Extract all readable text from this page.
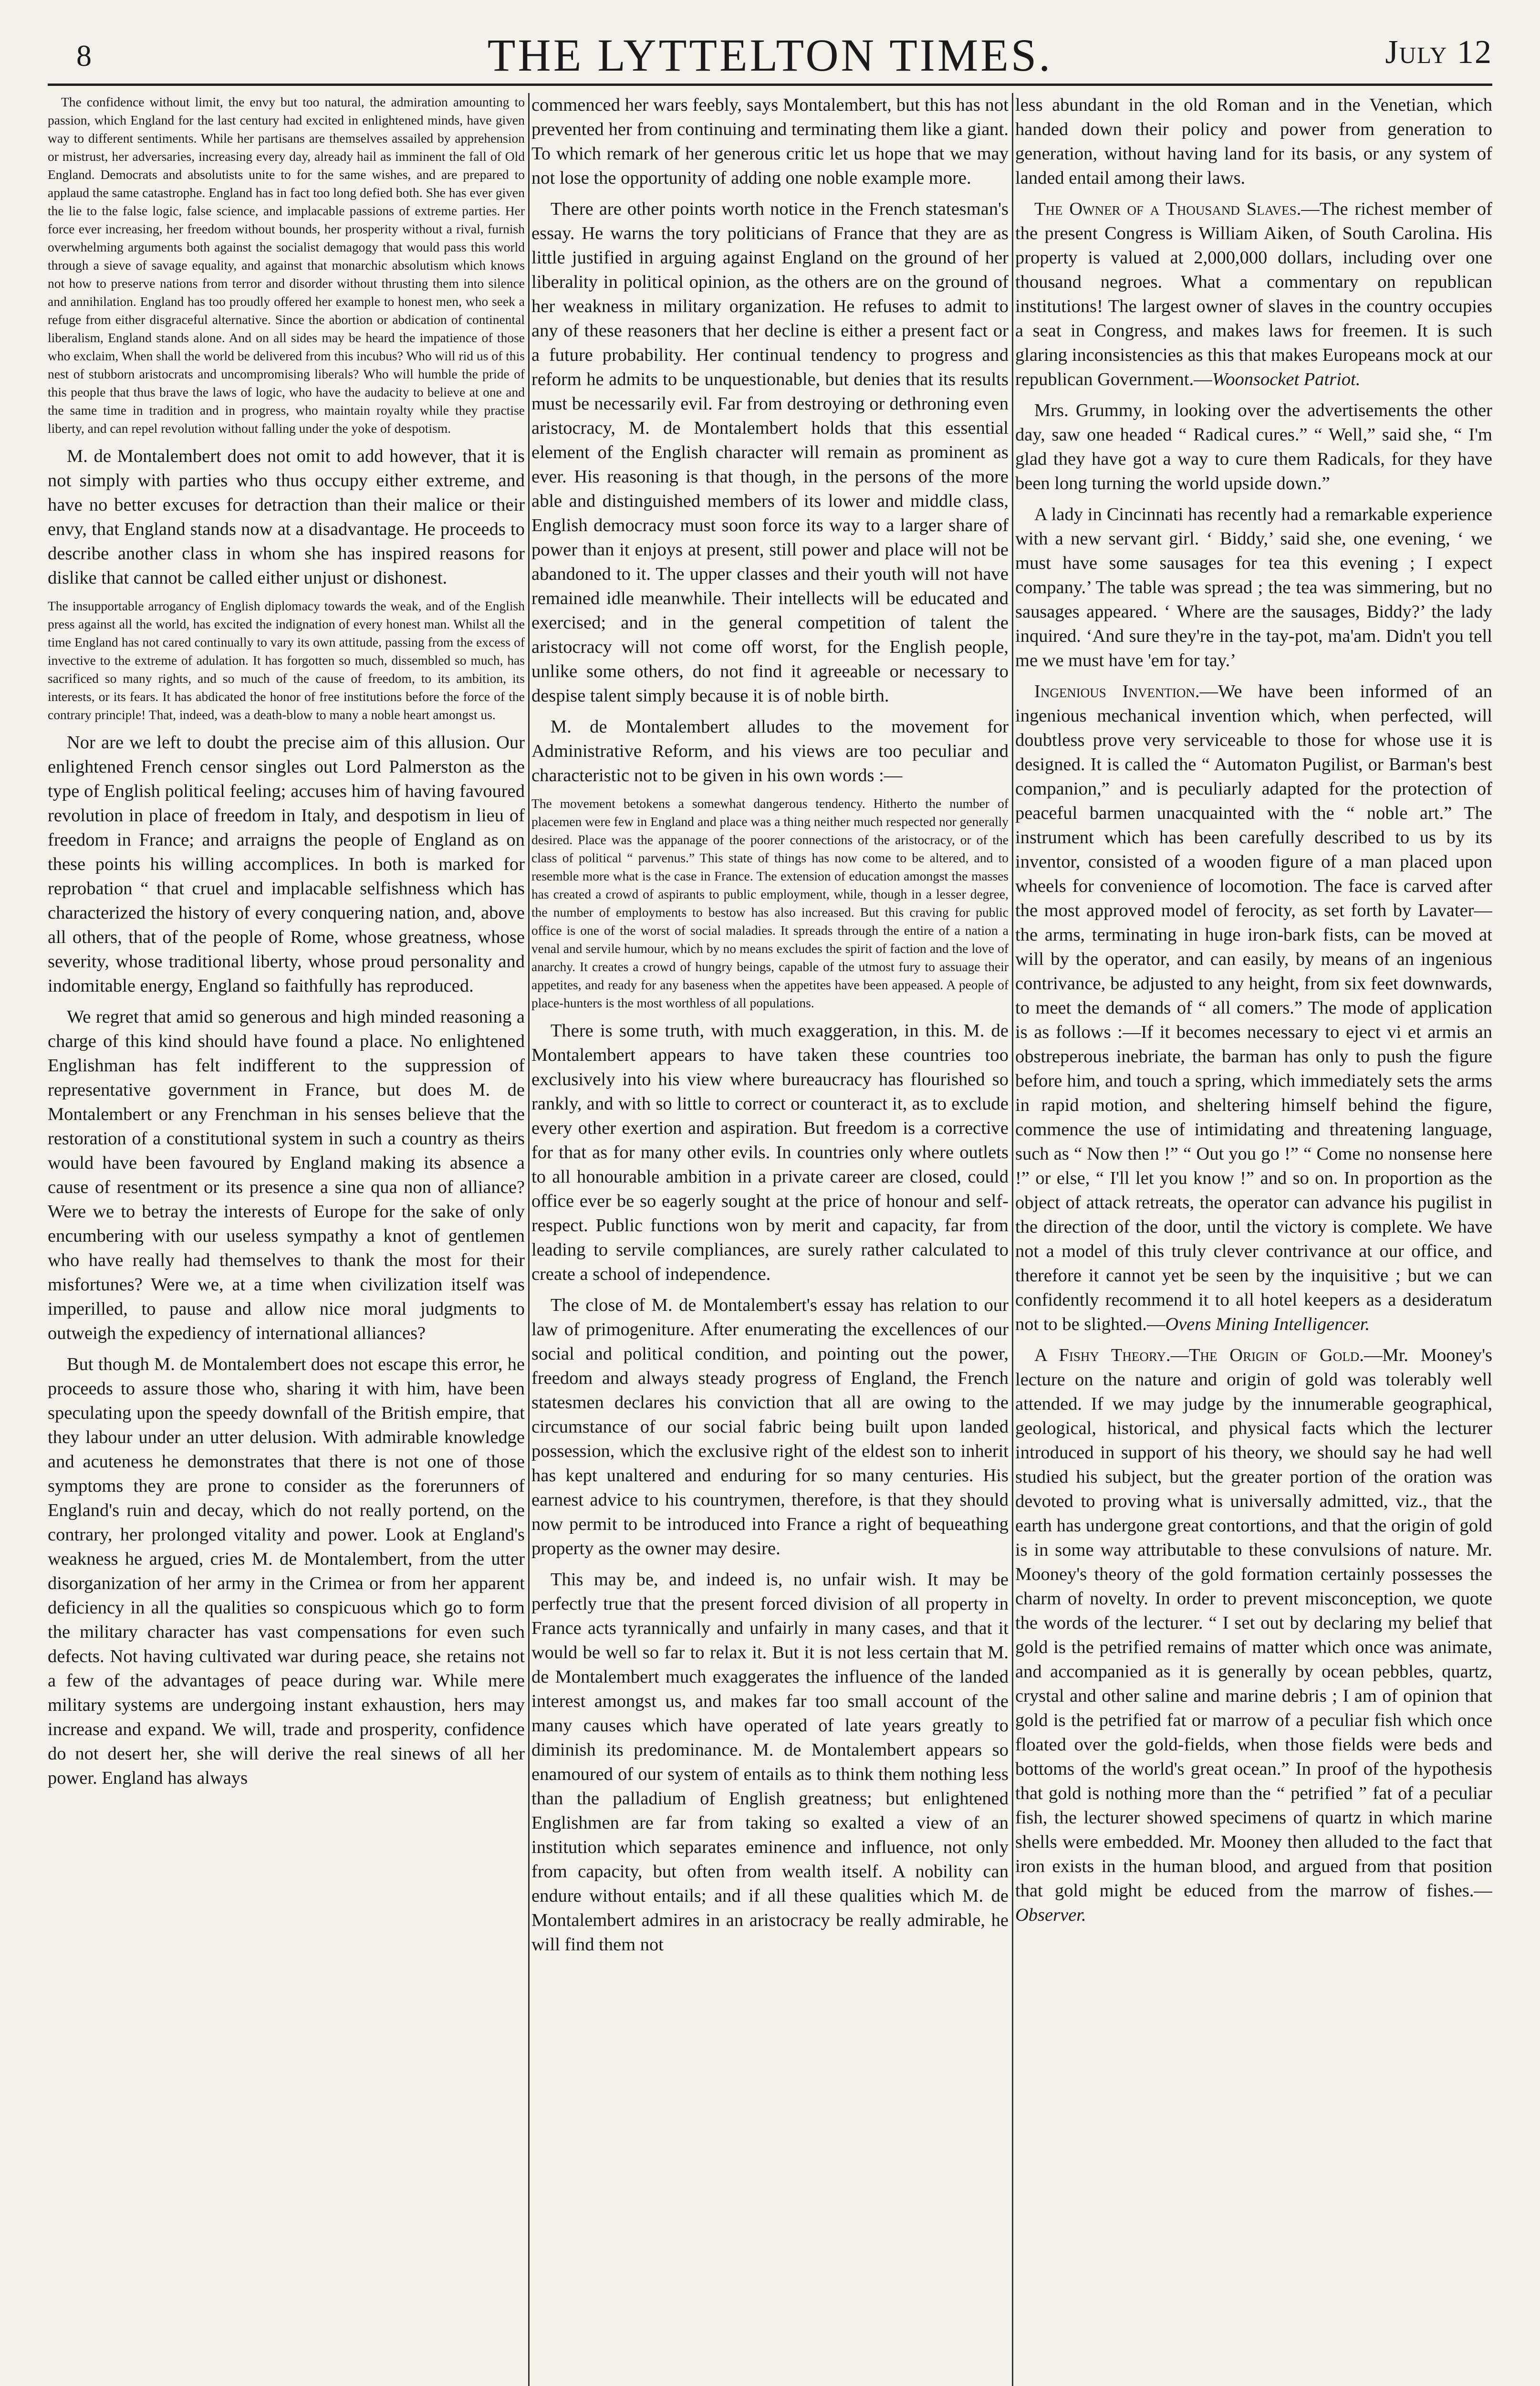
8	THE LYTTELTON TIMES.	July 12

The confidence without limit, the envy but too natural, the admiration amounting to passion, which England for the last century had excited in enlightened minds, have given way to different sentiments. While her partisans are themselves assailed by apprehension or mistrust, her adversaries, increasing every day, already hail as imminent the fall of Old England. Democrats and absolutists unite to for the same wishes, and are prepared to applaud the same catastrophe. England has in fact too long defied both. She has ever given the lie to the false logic, false science, and implacable passions of extreme parties. Her force ever increasing, her freedom without bounds, her prosperity without a rival, furnish overwhelming arguments both against the socialist demagogy that would pass this world through a sieve of savage equality, and against that monarchic absolutism which knows not how to preserve nations from terror and disorder without thrusting them into silence and annihilation. England has too proudly offered her example to honest men, who seek a refuge from either disgraceful alternative. Since the abortion or abdication of continental liberalism, England stands alone. And on all sides may be heard the impatience of those who exclaim, When shall the world be delivered from this incubus? Who will rid us of this nest of stubborn aristocrats and uncompromising liberals? Who will humble the pride of this people that thus brave the laws of logic, who have the audacity to believe at one and the same time in tradition and in progress, who maintain royalty while they practise liberty, and can repel revolution without falling under the yoke of despotism.

M. de Montalembert does not omit to add however, that it is not simply with parties who thus occupy either extreme, and have no better excuses for detraction than their malice or their envy, that England stands now at a disadvantage. He proceeds to describe another class in whom she has inspired reasons for dislike that cannot be called either unjust or dishonest.

The insupportable arrogancy of English diplomacy towards the weak, and of the English press against all the world, has excited the indignation of every honest man. Whilst all the time England has not cared continually to vary its own attitude, passing from the excess of invective to the extreme of adulation. It has forgotten so much, dissembled so much, has sacrificed so many rights, and so much of the cause of freedom, to its ambition, its interests, or its fears. It has abdicated the honor of free institutions before the force of the contrary principle! That, indeed, was a death-blow to many a noble heart amongst us.

Nor are we left to doubt the precise aim of this allusion. Our enlightened French censor singles out Lord Palmerston as the type of English political feeling; accuses him of having favoured revolution in place of freedom in Italy, and despotism in lieu of freedom in France; and arraigns the people of England as on these points his willing accomplices. In both is marked for reprobation “ that cruel and implacable selfishness which has characterized the history of every conquering nation, and, above all others, that of the people of Rome, whose greatness, whose severity, whose traditional liberty, whose proud personality and indomitable energy, England so faithfully has reproduced.

We regret that amid so generous and high minded reasoning a charge of this kind should have found a place. No enlightened Englishman has felt indifferent to the suppression of representative government in France, but does M. de Montalembert or any Frenchman in his senses believe that the restoration of a constitutional system in such a country as theirs would have been favoured by England making its absence a cause of resentment or its presence a sine qua non of alliance? Were we to betray the interests of Europe for the sake of only encumbering with our useless sympathy a knot of gentlemen who have really had themselves to thank the most for their misfortunes? Were we, at a time when civilization itself was imperilled, to pause and allow nice moral judgments to outweigh the expediency of international alliances?

But though M. de Montalembert does not escape this error, he proceeds to assure those who, sharing it with him, have been speculating upon the speedy downfall of the British empire, that they labour under an utter delusion. With admirable knowledge and acuteness he demonstrates that there is not one of those symptoms they are prone to consider as the forerunners of England's ruin and decay, which do not really portend, on the contrary, her prolonged vitality and power. Look at England's weakness he argued, cries M. de Montalembert, from the utter disorganization of her army in the Crimea or from her apparent deficiency in all the qualities so conspicuous which go to form the military character has vast compensations for even such defects. Not having cultivated war during peace, she retains not a few of the advantages of peace during war. While mere military systems are undergoing instant exhaustion, hers may increase and expand. We will, trade and prosperity, confidence do not desert her, she will derive the real sinews of all her power. England has always

commenced her wars feebly, says Montalembert, but this has not prevented her from continuing and terminating them like a giant. To which remark of her generous critic let us hope that we may not lose the opportunity of adding one noble example more.

There are other points worth notice in the French statesman's essay. He warns the tory politicians of France that they are as little justified in arguing against England on the ground of her liberality in political opinion, as the others are on the ground of her weakness in military organization. He refuses to admit to any of these reasoners that her decline is either a present fact or a future probability. Her continual tendency to progress and reform he admits to be unquestionable, but denies that its results must be necessarily evil. Far from destroying or dethroning even aristocracy, M. de Montalembert holds that this essential element of the English character will remain as prominent as ever. His reasoning is that though, in the persons of the more able and distinguished members of its lower and middle class, English democracy must soon force its way to a larger share of power than it enjoys at present, still power and place will not be abandoned to it. The upper classes and their youth will not have remained idle meanwhile. Their intellects will be educated and exercised; and in the general competition of talent the aristocracy will not come off worst, for the English people, unlike some others, do not find it agreeable or necessary to despise talent simply because it is of noble birth.

M. de Montalembert alludes to the movement for Administrative Reform, and his views are too peculiar and characteristic not to be given in his own words :—

The movement betokens a somewhat dangerous tendency. Hitherto the number of placemen were few in England and place was a thing neither much respected nor generally desired. Place was the appanage of the poorer connections of the aristocracy, or of the class of political “ parvenus.” This state of things has now come to be altered, and to resemble more what is the case in France. The extension of education amongst the masses has created a crowd of aspirants to public employment, while, though in a lesser degree, the number of employments to bestow has also increased. But this craving for public office is one of the worst of social maladies. It spreads through the entire of a nation a venal and servile humour, which by no means excludes the spirit of faction and the love of anarchy. It creates a crowd of hungry beings, capable of the utmost fury to assuage their appetites, and ready for any baseness when the appetites have been appeased. A people of place-hunters is the most worthless of all populations.

There is some truth, with much exaggeration, in this. M. de Montalembert appears to have taken these countries too exclusively into his view where bureaucracy has flourished so rankly, and with so little to correct or counteract it, as to exclude every other exertion and aspiration. But freedom is a corrective for that as for many other evils. In countries only where outlets to all honourable ambition in a private career are closed, could office ever be so eagerly sought at the price of honour and self-respect. Public functions won by merit and capacity, far from leading to servile compliances, are surely rather calculated to create a school of independence.

The close of M. de Montalembert's essay has relation to our law of primogeniture. After enumerating the excellences of our social and political condition, and pointing out the power, freedom and always steady progress of England, the French statesmen declares his conviction that all are owing to the circumstance of our social fabric being built upon landed possession, which the exclusive right of the eldest son to inherit has kept unaltered and enduring for so many centuries. His earnest advice to his countrymen, therefore, is that they should now permit to be introduced into France a right of bequeathing property as the owner may desire.

This may be, and indeed is, no unfair wish. It may be perfectly true that the present forced division of all property in France acts tyrannically and unfairly in many cases, and that it would be well so far to relax it. But it is not less certain that M. de Montalembert much exaggerates the influence of the landed interest amongst us, and makes far too small account of the many causes which have operated of late years greatly to diminish its predominance. M. de Montalembert appears so enamoured of our system of entails as to think them nothing less than the palladium of English greatness; but enlightened Englishmen are far from taking so exalted a view of an institution which separates eminence and influence, not only from capacity, but often from wealth itself. A nobility can endure without entails; and if all these qualities which M. de Montalembert admires in an aristocracy be really admirable, he will find them not

less abundant in the old Roman and in the Venetian, which handed down their policy and power from generation to generation, without having land for its basis, or any system of landed entail among their laws.

The Owner of a Thousand Slaves.—The richest member of the present Congress is William Aiken, of South Carolina. His property is valued at 2,000,000 dollars, including over one thousand negroes. What a commentary on republican institutions! The largest owner of slaves in the country occupies a seat in Congress, and makes laws for freemen. It is such glaring inconsistencies as this that makes Europeans mock at our republican Government.—Woonsocket Patriot.

Mrs. Grummy, in looking over the advertisements the other day, saw one headed “ Radical cures.” “ Well,” said she, “ I'm glad they have got a way to cure them Radicals, for they have been long turning the world upside down.”

A lady in Cincinnati has recently had a remarkable experience with a new servant girl. ‘ Biddy,’ said she, one evening, ‘ we must have some sausages for tea this evening ; I expect company.’ The table was spread ; the tea was simmering, but no sausages appeared. ‘ Where are the sausages, Biddy?’ the lady inquired. ‘And sure they're in the tay-pot, ma'am. Didn't you tell me we must have 'em for tay.’

Ingenious Invention.—We have been informed of an ingenious mechanical invention which, when perfected, will doubtless prove very serviceable to those for whose use it is designed. It is called the “ Automaton Pugilist, or Barman's best companion,” and is peculiarly adapted for the protection of peaceful barmen unacquainted with the “ noble art.” The instrument which has been carefully described to us by its inventor, consisted of a wooden figure of a man placed upon wheels for convenience of locomotion. The face is carved after the most approved model of ferocity, as set forth by Lavater—the arms, terminating in huge iron-bark fists, can be moved at will by the operator, and can easily, by means of an ingenious contrivance, be adjusted to any height, from six feet downwards, to meet the demands of “ all comers.” The mode of application is as follows :—If it becomes necessary to eject vi et armis an obstreperous inebriate, the barman has only to push the figure before him, and touch a spring, which immediately sets the arms in rapid motion, and sheltering himself behind the figure, commence the use of intimidating and threatening language, such as “ Now then !” “ Out you go !” “ Come no nonsense here !” or else, “ I'll let you know !” and so on. In proportion as the object of attack retreats, the operator can advance his pugilist in the direction of the door, until the victory is complete. We have not a model of this truly clever contrivance at our office, and therefore it cannot yet be seen by the inquisitive ; but we can confidently recommend it to all hotel keepers as a desideratum not to be slighted.—Ovens Mining Intelligencer.

A Fishy Theory.—The Origin of Gold.—Mr. Mooney's lecture on the nature and origin of gold was tolerably well attended. If we may judge by the innumerable geographical, geological, historical, and physical facts which the lecturer introduced in support of his theory, we should say he had well studied his subject, but the greater portion of the oration was devoted to proving what is universally admitted, viz., that the earth has undergone great contortions, and that the origin of gold is in some way attributable to these convulsions of nature. Mr. Mooney's theory of the gold formation certainly possesses the charm of novelty. In order to prevent misconception, we quote the words of the lecturer. “ I set out by declaring my belief that gold is the petrified remains of matter which once was animate, and accompanied as it is generally by ocean pebbles, quartz, crystal and other saline and marine debris ; I am of opinion that gold is the petrified fat or marrow of a peculiar fish which once floated over the gold-fields, when those fields were beds and bottoms of the world's great ocean.” In proof of the hypothesis that gold is nothing more than the “ petrified ” fat of a peculiar fish, the lecturer showed specimens of quartz in which marine shells were embedded. Mr. Mooney then alluded to the fact that iron exists in the human blood, and argued from that position that gold might be educed from the marrow of fishes.—Observer.
